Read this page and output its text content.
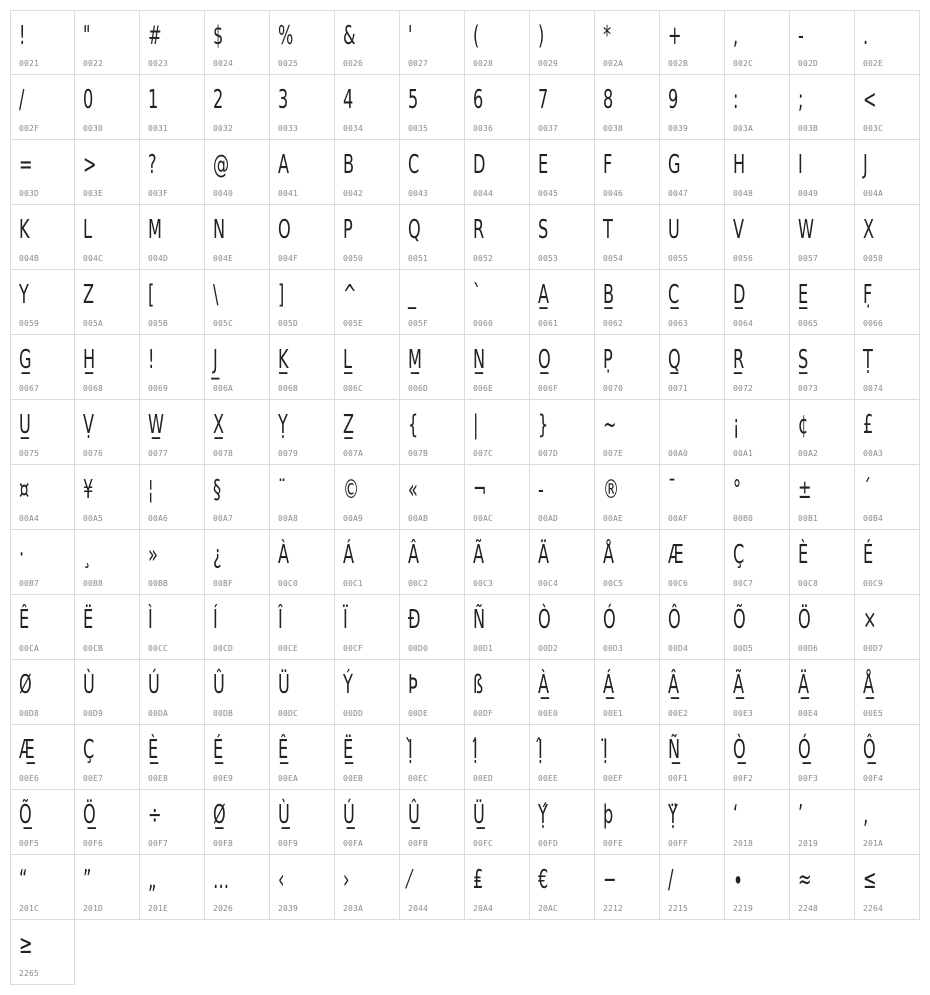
!
0021
"
0022
#
0023
$
0024
%
0025
&
0026
'
0027
(
0028
)
0029
*
002A
+
002B
,
002C
-
002D
.
002E
/
002F
0
0030
1
0031
2
0032
3
0033
4
0034
5
0035
6
0036
7
0037
8
0038
9
0039
:
003A
;
003B
<
003C
=
003D
>
003E
?
003F
@
0040
A
0041
B
0042
C
0043
D
0044
E
0045
F
0046
G
0047
H
0048
I
0049
J
004A
K
004B
L
004C
M
004D
N
004E
O
004F
P
0050
Q
0051
R
0052
S
0053
T
0054
U
0055
V
0056
W
0057
X
0058
Y
0059
Z
005A
[
005B
\
005C
]
005D
^
005E
_
005F
`
0060
A̲
0061
B̲
0062
C̲
0063
D̲
0064
E̲
0065
F̣
0066
G̲
0067
H̲
0068
!
0069
J̲
006A
K̲
006B
L̲
006C
M̲
006D
N̲
006E
O̲
006F
P̣
0070
Q̲
0071
R̲
0072
S̲
0073
Ṭ
0074
U̲
0075
Ṿ
0076
W̲
0077
X̲
0078
Ỵ
0079
Z̲
007A
{
007B
|
007C
}
007D
~
007E	00A0
¡
00A1
¢
00A2
£
00A3
¤
00A4
¥
00A5
¦
00A6
§
00A7
¨
00A8
©
00A9
«
00AB
¬
00AC
-
00AD
®
00AE
¯
00AF
°
00B0
±
00B1
´
00B4
·
00B7
¸
00B8
»
00BB
¿
00BF
À
00C0
Á
00C1
Â
00C2
Ã
00C3
Ä
00C4
Å
00C5
Æ
00C6
Ç
00C7
È
00C8
É
00C9
Ê
00CA
Ë
00CB
Ì
00CC
Í
00CD
Î
00CE
Ï
00CF
Ð
00D0
Ñ
00D1
Ò
00D2
Ó
00D3
Ô
00D4
Õ
00D5
Ö
00D6
×
00D7
Ø
00D8
Ù
00D9
Ú
00DA
Û
00DB
Ü
00DC
Ý
00DD
Þ
00DE
ß
00DF
À̲
00E0
Á̲
00E1
Â̲
00E2
Ã̲
00E3
Ä̲
00E4
Å̲
00E5
Æ̲
00E6
Ç
00E7
È̲
00E8
É̲
00E9
Ê̲
00EA
Ë̲
00EB
Ị̀
00EC
Ị́
00ED
Ị̂
00EE
Ị̈
00EF
Ñ̲
00F1
Ò̲
00F2
Ó̲
00F3
Ô̲
00F4
Õ̲
00F5
Ö̲
00F6
÷
00F7
Ø̲
00F8
Ù̲
00F9
Ú̲
00FA
Û̲
00FB
Ü̲
00FC
Ỵ́
00FD
þ
00FE
Ỵ̈
00FF
‘
2018
’
2019
‚
201A
“
201C
”
201D
„
201E
…
2026
‹
2039
›
203A
⁄
2044
₤
20A4
€
20AC
−
2212
∕
2215
∙
2219
≈
2248
≤
2264
≥
2265
